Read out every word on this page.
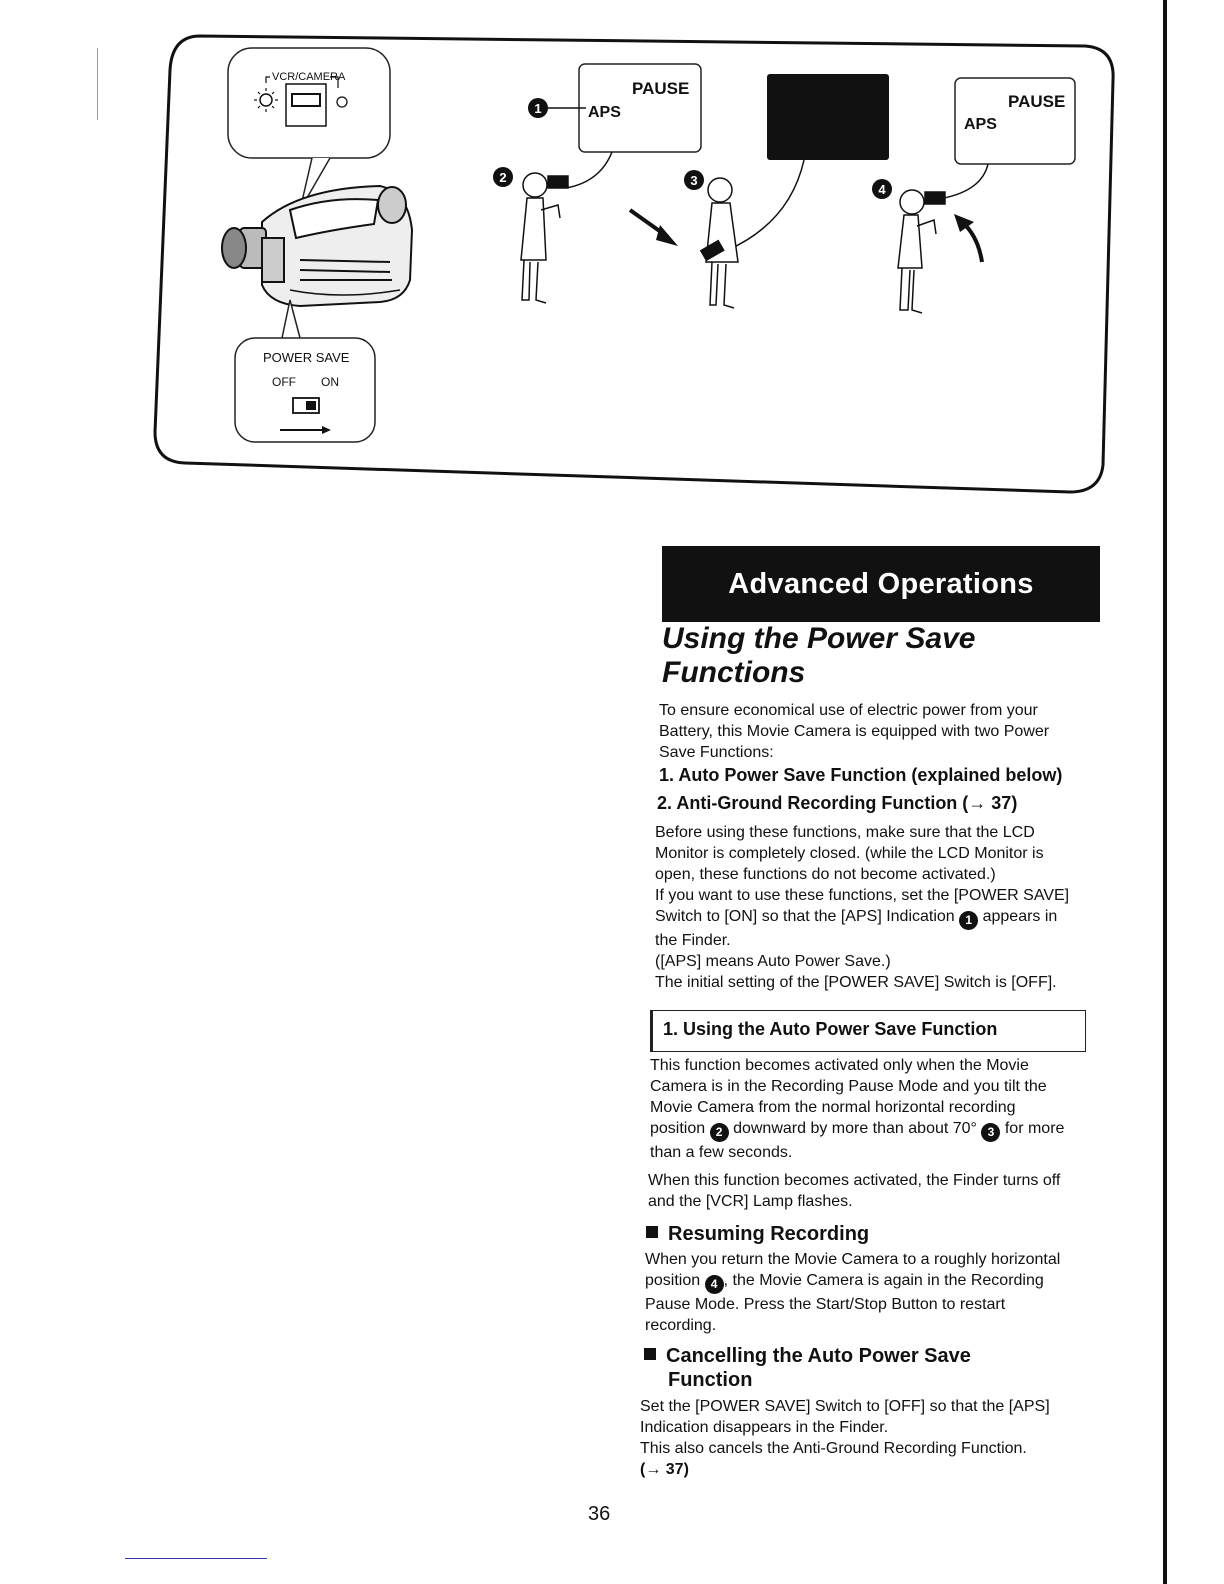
VCR/CAMERA
POWER SAVE
OFF ON
PAUSE
APS
1	PAUSE
APS
2	3
4
Advanced Operations
Using the Power Save
Functions

To ensure economical use of electric power from your Battery, this Movie Camera is equipped with two Power Save Functions:

1. Auto Power Save Function (explained below)
2. Anti-Ground Recording Function (→ 37)

Before using these functions, make sure that the LCD Monitor is completely closed. (while the LCD Monitor is open, these functions do not become activated.)

If you want to use these functions, set the [POWER SAVE] Switch to [ON] so that the [APS] Indication 1 appears in the Finder.

([APS] means Auto Power Save.)

The initial setting of the [POWER SAVE] Switch is [OFF].

1. Using the Auto Power Save Function

This function becomes activated only when the Movie Camera is in the Recording Pause Mode and you tilt the Movie Camera from the normal horizontal recording position 2 downward by more than about 70° 3 for more than a few seconds.

When this function becomes activated, the Finder turns off and the [VCR] Lamp flashes.

Resuming Recording

When you return the Movie Camera to a roughly horizontal position 4 , the Movie Camera is again in the Recording Pause Mode. Press the Start/Stop Button to restart recording.

Cancelling the Auto Power Save
Function

Set the [POWER SAVE] Switch to [OFF] so that the [APS] Indication disappears in the Finder.

This also cancels the Anti-Ground Recording Function.

(→ 37)

36
